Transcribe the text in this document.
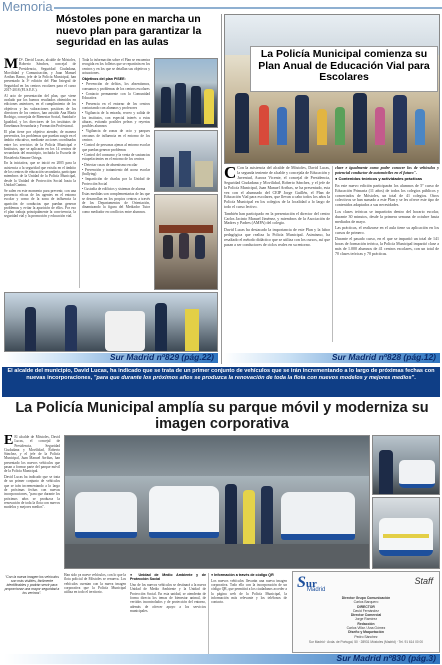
Memoria
Móstoles pone en marcha un nuevo plan para garantizar la seguridad en las aulas

MDª. David Lucas, alcalde de Móstoles, Roberto Sánchez, concejal de Presidencia, Seguridad Ciudadana, Movilidad y Comunicación, y Juan Manuel Arribas Ramo, jefe de la Policía Municipal, han presentado la 3ª edición del Plan Integral de Seguridad en los centros escolares para el curso 2017-2018 (P.I.S.E.E.).

Al acto de presentación del plan, que viene avalado por los buenos resultados obtenidos en ediciones anteriores, en el cumplimiento de los objetivos y las valoraciones positivas de los directores de los centros, han asistido Ana María Rodrigo, concejala de Bienestar Social, Sanidad e Igualdad, y los directores de los institutos de Enseñanza Secundaria y Formación Profesional.

El plan tiene por objetivo atender, de manera preventiva, los problemas que puedan surgir en el ámbito educativo, mediante acciones coordinadas entre los servicios de la Policía Municipal e Institutos, que se aplicarán en los 14 centros de secundaria del municipio, incluida la Escuela de Hostelería Simone Ortega.

En la iniciativa, que se inició en 2005 para la asistencia a la seguridad que existía en el ámbito de los centros de educación secundaria, participan miembros de la Unidad de la Policía Municipal, desde la Unidad de Protección Social hasta la Unidad Canina.

Se salen en este momento para prevenir, con una presencia eficaz de los agentes en el entorno escolar y como de la zona de influencia la aparición de conductas que puedan generar problemas y evitar la aparición de ellos. Por eso el plan trabaja principalmente la convivencia, la seguridad vial y la promoción y educación vial.

Toda la información sobre el Plan se encuentra recogida en los folletos que se repartirán en los centros y en los que se detallan sus objetivos y actuaciones.

Objetivos del plan PISEE:

• Prevención de delitos, los absentismos, consumos y problemas de los centros escolares

• Contacto permanente con la Comunidad Educativa

• Presencia en el entorno de los centros contactando con alumnos y profesores

• Vigilancia de la entrada, recreo y salida de los institutos, con especial interés a estas alturas, evitando posibles peleas y reyertas posibles alumnos

• Vigilancia de zonas de ocio y parques cercanos de influencia en el entorno de los centros

• Control de personas ajenas al entorno escolar que puedan generar problemas

• Control del consumo y la venta de sustancias estupefacientes en el entorno de los centros

• Detectar casos de absentismo escolar

• Prevención y tratamiento del acoso escolar (bullying)

• Impartición de charlas por la Unidad de Protección Social

• Custodia de edificios y sistemas de alarma

Estas medidas son complementarias de las que se desarrollan en los propios centros a través de los Departamentos de Orientación, dinamizando la figura del Mediador Tutor como mediador en conflictos entre alumnos.

Sur Madrid nº829 (pág.22)
La Policía Municipal comienza su Plan Anual de Educación Vial para Escolares

C Con la asistencia del alcalde de Móstoles, David Lucas, la segunda teniente de alcalde y concejala de Educación y Juventud, Aurora Vicente, el concejal de Presidencia, Seguridad Ciudadana y Movilidad, Roberto Sánchez, y el jefe de la Policía Municipal, Juan Manuel Arribas, se ha presentado, esta vez con el alumnado del CEIP Jorge Guillén, el Plan de Educación Vial para escolares, que llevan a cabo todos los años la Policía Municipal en los colegios de la localidad a lo largo de todo el curso lectivo.

También han participado en la presentación el director del centro Carlos Jacinto Manuel Jiménez, y miembros de la Asociación de Madres y Padres (AMPA) del colegio.

David Lucas ha destacado la importancia de este Plan y la labor pedagógica que realiza la Policía Municipal. Asimismo, ha resaltado el método didáctico que se utiliza con los cursos, así que pasan a ser conductores de ciclos reales en su entorno.

clave e igualmente como poder conocer los de vehículos y potencial conductor de automóviles en el futuro".

● Contenidos teóricos y actividades prácticas

En este nuevo edición participarán los alumnos de 5º curso de Educación Primaria (11 años) de todos los colegios públicos y concertados de Móstoles, un total de 41 colegios. Otros colectivos se han sumado a este Plan y se les ofrece este tipo de contenidos adaptados a sus necesidades.

Los clases teóricas se impartirán dentro del horario escolar, durante 30 minutos, desde la primera semana de octubre hasta mediados de mayo.

Las prácticas, el realizarse en el aula tiene su aplicación en los cursos de primero.

Durante el pasado curso, en el que se impartió un total de 141 horas de formación teórica, la Policía Municipal impartió clase a más de 1.000 alumnos de 41 centros escolares, con un total de 70 clases teóricas y 70 prácticas.

Sur Madrid nº828 (pág.12)
El alcalde del municipio, David Lucas, ha indicado que se trata de un primer conjunto de vehículos que se irán incrementando a lo largo de próximas fechas con nuevas incorporaciones, "para que durante los próximos años se produzca la renovación de toda la flota con nuevos modelos y mejores medios".
La Policía Municipal amplía su parque móvil y moderniza su imagen corporativa

E El alcalde de Móstoles, David Lucas, el concejal de Presidencia, Seguridad Ciudadana y Movilidad, Roberto Sánchez, y el jefe de la Policía Municipal, Juan Manuel Arribas, han presentado los nuevos vehículos que pasan a formar parte del parque móvil de la Policía Municipal.

David Lucas ha indicado que se trata de un primer conjunto de vehículos que se irán incrementando a lo largo de próximas fechas con nuevas incorporaciones, "para que durante los próximos años se produzca la renovación de toda la flota con nuevos modelos y mejores medios".

"Con la nueva imagen los vehículos son más visibles, fácilmente identificables y podrán servir para proporcionar una mayor seguridad a los vecinos".

Han sido ya nueve vehículos, con lo que la flota policial de Móstoles se renueva. Los vehículos cuentan con la nueva imagen corporativa que la Policía Municipal utiliza en todo el territorio.

● Unidad de Medio Ambiente y de Protección Social

Uno de los nuevos vehículos se destinará a la nueva Unidad de Medio Ambiente y la Unidad de Protección Social. En esta unidad, se atenderán de forma directa los temas de bienestar animal, de vertidos incontrolados y de protección del entorno, además de ofrecer apoyo a los servicios municipales.

● Información a través de código QR

Los nuevos vehículos llevarán una nueva imagen corporativa. Todo ello con la incorporación de un código QR, que permitirá a los ciudadanos acceder a la página web de la Policía Municipal, la información más relevante y los teléfonos de contacto.

Sur
Madrid
Staff
Director Grupo Comunicación
Carlos Barquero
DIRECTOR
David Fernández
Director Comercial
Jorge Ramírez
Redacción
Carlos Villar / Ana Gómez
Diseño y Maquetación
Pedro Sánchez
Sur Madrid · Avda. de Portugal, 50 · 28931 Móstoles (Madrid) · Tel. 91 614 00 00
Sur Madrid nº830 (pág.3)
